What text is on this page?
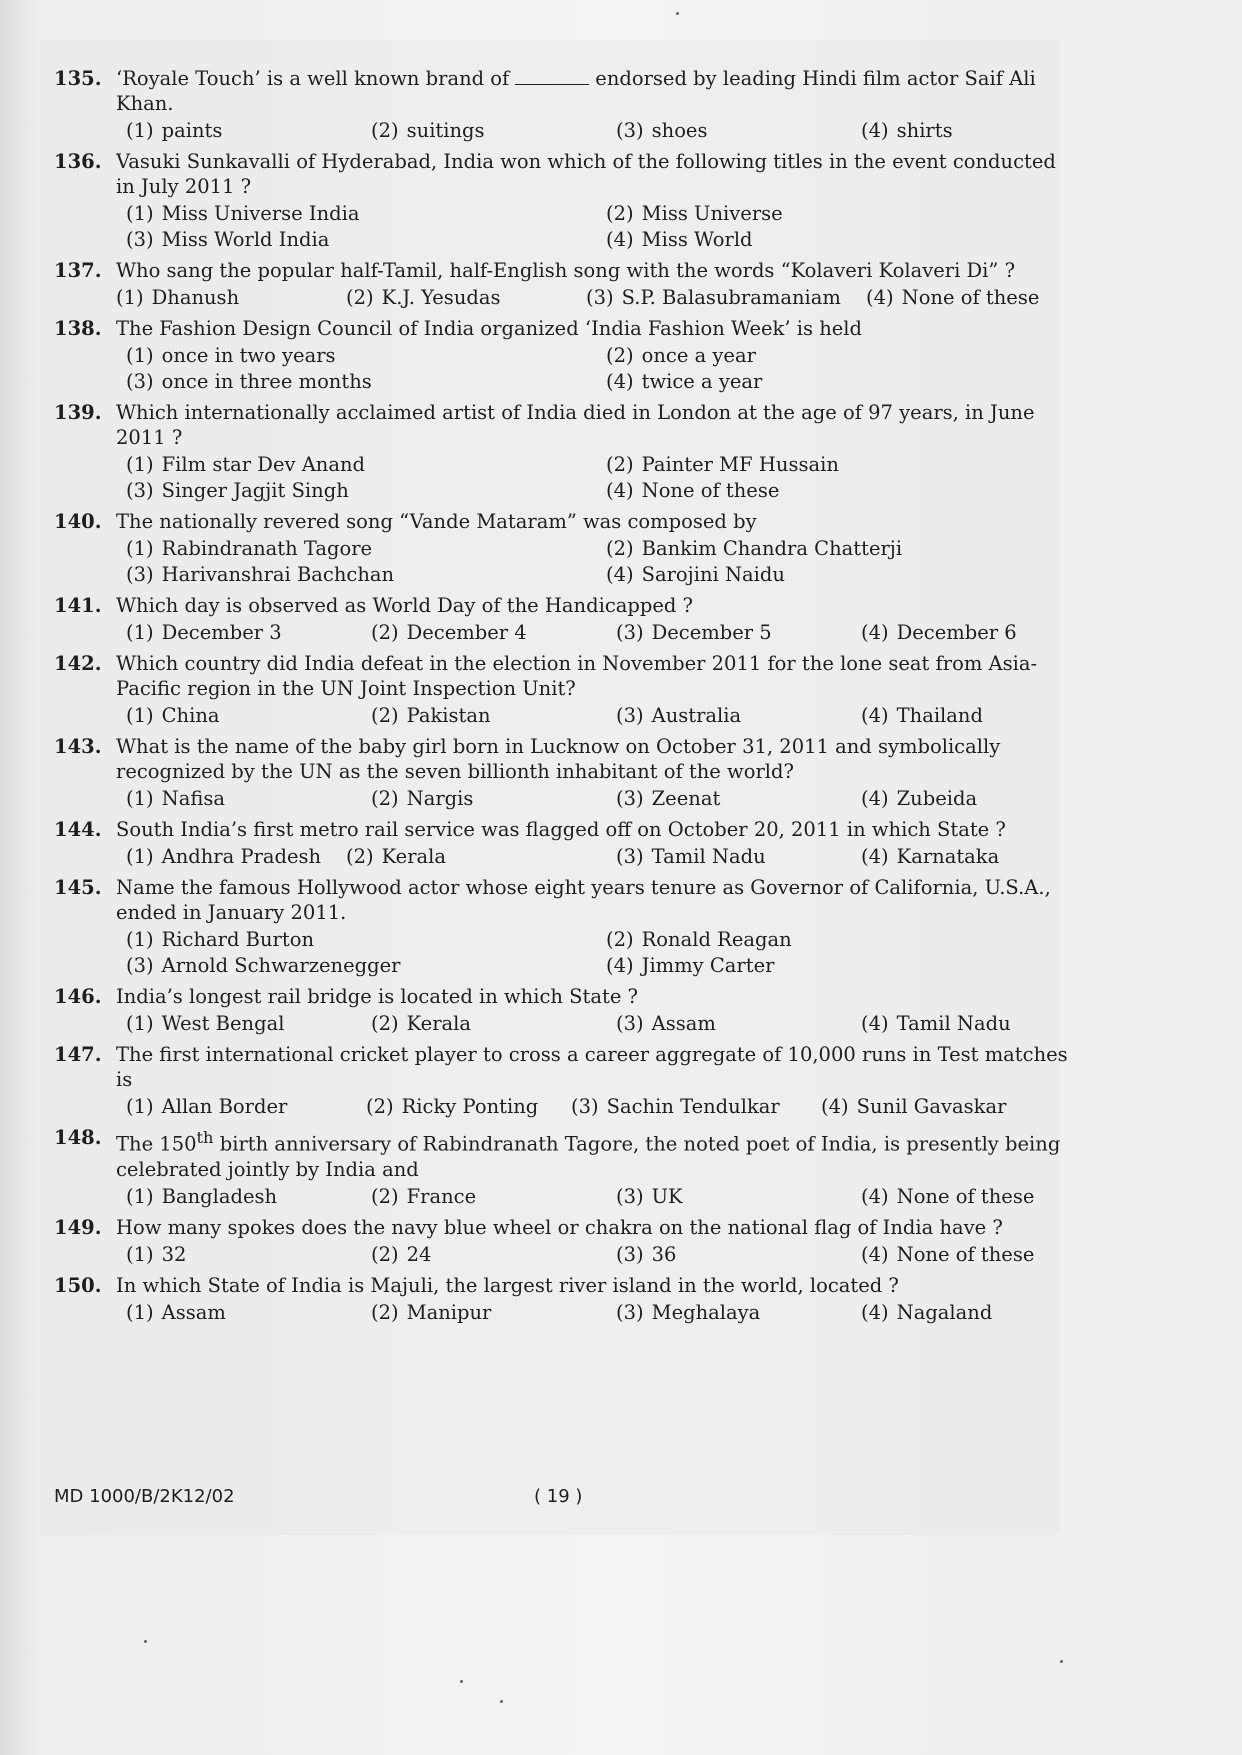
135. ‘Royale Touch’ is a well known brand of	endorsed by leading Hindi film actor Saif Ali Khan.
(1) paints	(2) suitings	(3) shoes	(4) shirts
136. Vasuki Sunkavalli of Hyderabad, India won which of the following titles in the event conducted in July 2011 ?
(1) Miss Universe India	(2) Miss Universe
(3) Miss World India	(4) Miss World
137. Who sang the popular half-Tamil, half-English song with the words “Kolaveri Kolaveri Di” ?
(1) Dhanush	(2) K.J. Yesudas	(3) S.P. Balasubramaniam	(4) None of these
138. The Fashion Design Council of India organized ‘India Fashion Week’ is held
(1) once in two years	(2) once a year
(3) once in three months	(4) twice a year
139. Which internationally acclaimed artist of India died in London at the age of 97 years, in June 2011 ?
(1) Film star Dev Anand	(2) Painter MF Hussain
(3) Singer Jagjit Singh	(4) None of these
140. The nationally revered song “Vande Mataram” was composed by
(1) Rabindranath Tagore	(2) Bankim Chandra Chatterji
(3) Harivanshrai Bachchan	(4) Sarojini Naidu
141. Which day is observed as World Day of the Handicapped ?
(1) December 3	(2) December 4	(3) December 5	(4) December 6
142. Which country did India defeat in the election in November 2011 for the lone seat from Asia-Pacific region in the UN Joint Inspection Unit?
(1) China	(2) Pakistan	(3) Australia	(4) Thailand
143. What is the name of the baby girl born in Lucknow on October 31, 2011 and symbolically recognized by the UN as the seven billionth inhabitant of the world?
(1) Nafisa	(2) Nargis	(3) Zeenat	(4) Zubeida
144. South India’s first metro rail service was flagged off on October 20, 2011 in which State ?
(1) Andhra Pradesh	(2) Kerala	(3) Tamil Nadu	(4) Karnataka
145. Name the famous Hollywood actor whose eight years tenure as Governor of California, U.S.A., ended in January 2011.
(1) Richard Burton	(2) Ronald Reagan
(3) Arnold Schwarzenegger	(4) Jimmy Carter
146. India’s longest rail bridge is located in which State ?
(1) West Bengal	(2) Kerala	(3) Assam	(4) Tamil Nadu
147. The first international cricket player to cross a career aggregate of 10,000 runs in Test matches is
(1) Allan Border	(2) Ricky Ponting	(3) Sachin Tendulkar	(4) Sunil Gavaskar
148. The 150th birth anniversary of Rabindranath Tagore, the noted poet of India, is presently being celebrated jointly by India and
(1) Bangladesh	(2) France	(3) UK	(4) None of these
149. How many spokes does the navy blue wheel or chakra on the national flag of India have ?
(1) 32	(2) 24	(3) 36	(4) None of these
150. In which State of India is Majuli, the largest river island in the world, located ?
(1) Assam	(2) Manipur	(3) Meghalaya	(4) Nagaland
MD 1000/B/2K12/02	( 19 )
